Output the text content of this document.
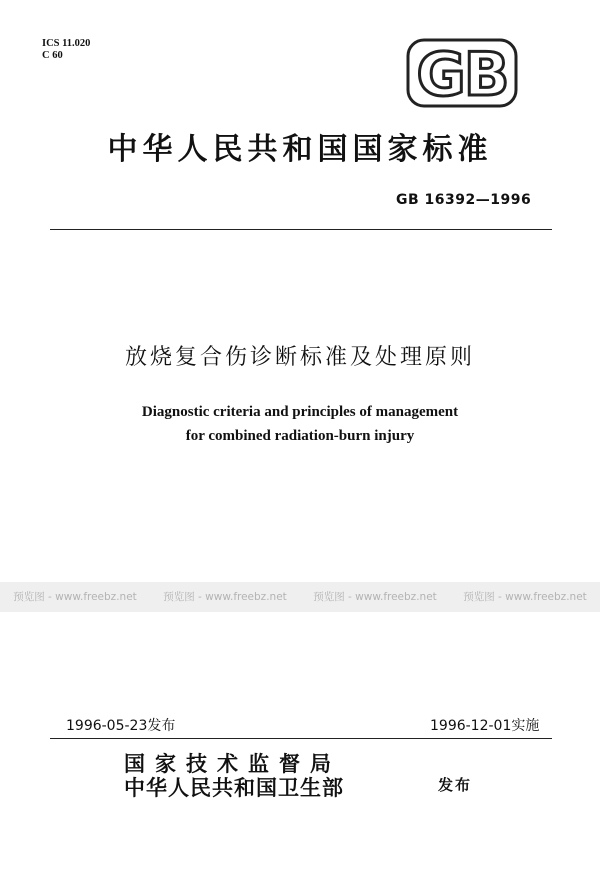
ICS 11.020
C 60	GB
中华人民共和国国家标准
GB 16392—1996
放烧复合伤诊断标准及处理原则
Diagnostic criteria and principles of management
for combined radiation-burn injury
预览图 - www.freebz.net	预览图 - www.freebz.net	预览图 - www.freebz.net	预览图 - www.freebz.net
1996-05-23发布	1996-12-01实施
国家技术监督局
中华人民共和国卫生部	发布
